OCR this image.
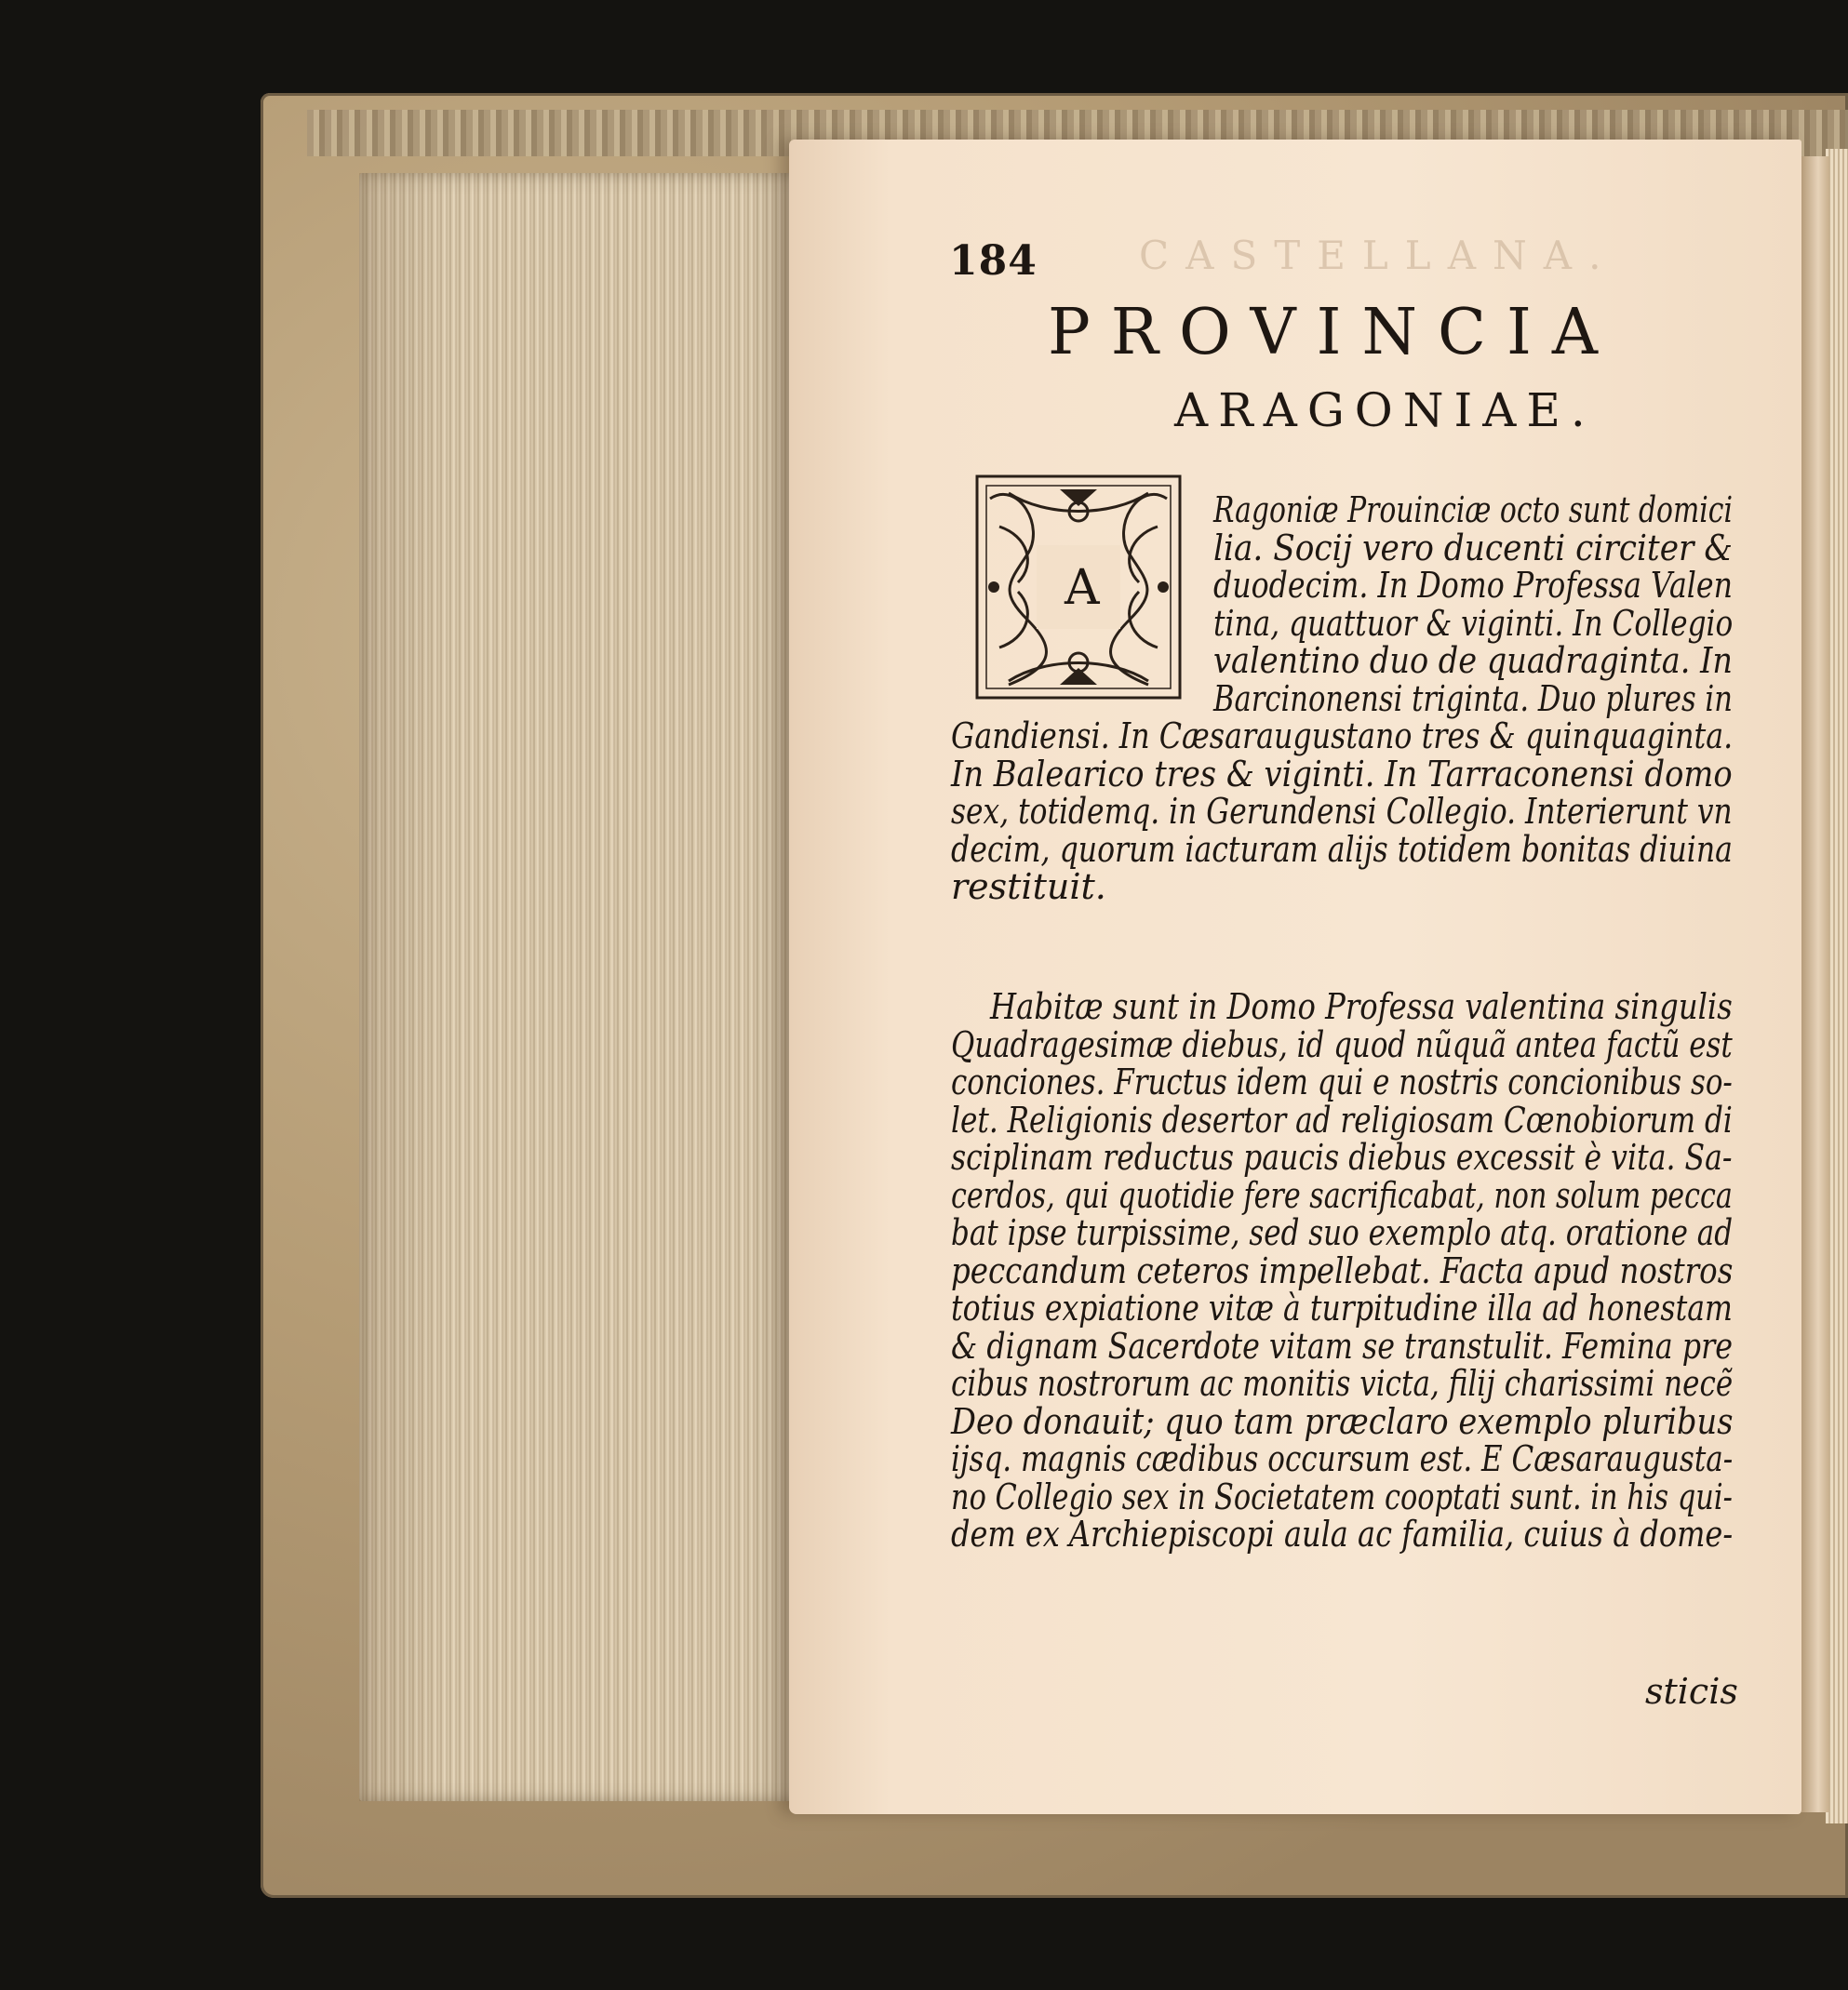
184	CASTELLANA.
PROVINCIA
ARAGONIAE.
A
Ragoniæ Prouinciæ octo sunt domici
lia. Socij vero ducenti circiter &
duodecim. In Domo Professa Valen
tina, quattuor & viginti. In Collegio
valentino duo de quadraginta. In
Barcinonensi triginta. Duo plures in
Gandiensi. In Cæsaraugustano tres & quinquaginta.
In Balearico tres & viginti. In Tarraconensi domo
sex, totidemq. in Gerundensi Collegio. Interierunt vn
decim, quorum iacturam alijs totidem bonitas diuina
restituit.
Habitæ sunt in Domo Professa valentina singulis
Quadragesimæ diebus, id quod nũquã antea factũ est
conciones. Fructus idem qui e nostris concionibus so-
let. Religionis desertor ad religiosam Cœnobiorum di
sciplinam reductus paucis diebus excessit è vita. Sa-
cerdos, qui quotidie fere sacrificabat, non solum pecca
bat ipse turpissime, sed suo exemplo atq. oratione ad
peccandum ceteros impellebat. Facta apud nostros
totius expiatione vitæ à turpitudine illa ad honestam
& dignam Sacerdote vitam se transtulit. Femina pre
cibus nostrorum ac monitis victa, filij charissimi necẽ
Deo donauit; quo tam præclaro exemplo pluribus
ijsq. magnis cædibus occursum est. E Cæsaraugusta-
no Collegio sex in Societatem cooptati sunt. in his qui-
dem ex Archiepiscopi aula ac familia, cuius à dome-
sticis
